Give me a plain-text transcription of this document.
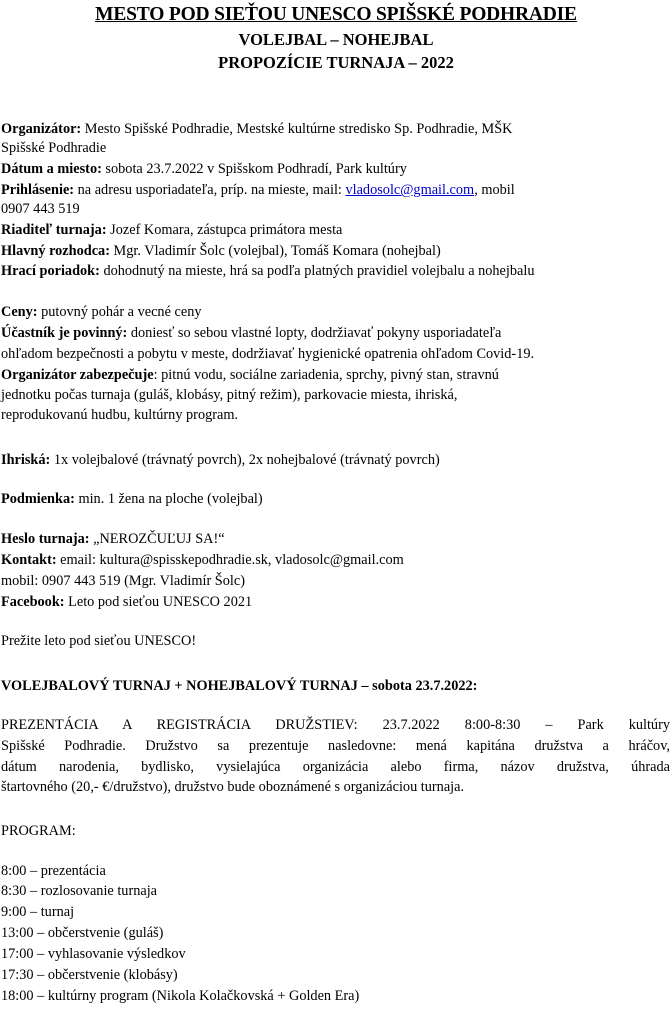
MESTO POD SIEŤOU UNESCO SPIŠSKÉ PODHRADIE

VOLEJBAL – NOHEJBAL

PROPOZÍCIE TURNAJA – 2022

Organizátor: Mesto Spišské Podhradie, Mestské kultúrne stredisko Sp. Podhradie, MŠK

Spišské Podhradie

Dátum a miesto: sobota 23.7.2022 v Spišskom Podhradí, Park kultúry

Prihlásenie: na adresu usporiadateľa, príp. na mieste, mail: vladosolc@gmail.com, mobil

0907 443 519

Riaditeľ turnaja: Jozef Komara, zástupca primátora mesta

Hlavný rozhodca: Mgr. Vladimír Šolc (volejbal), Tomáš Komara (nohejbal)

Hrací poriadok: dohodnutý na mieste, hrá sa podľa platných pravidiel volejbalu a nohejbalu

Ceny: putovný pohár a vecné ceny

Účastník je povinný: doniesť so sebou vlastné lopty, dodržiavať pokyny usporiadateľa

ohľadom bezpečnosti a pobytu v meste, dodržiavať hygienické opatrenia ohľadom Covid-19.

Organizátor zabezpečuje: pitnú vodu, sociálne zariadenia, sprchy, pivný stan, stravnú

jednotku počas turnaja (guláš, klobásy, pitný režim), parkovacie miesta, ihriská,

reprodukovanú hudbu, kultúrny program.

Ihriská: 1x volejbalové (trávnatý povrch), 2x nohejbalové (trávnatý povrch)

Podmienka: min. 1 žena na ploche (volejbal)

Heslo turnaja: „NEROZČUĽUJ SA!“

Kontakt: email: kultura@spisskepodhradie.sk, vladosolc@gmail.com

mobil: 0907 443 519 (Mgr. Vladimír Šolc)

Facebook: Leto pod sieťou UNESCO 2021

Prežite leto pod sieťou UNESCO!

VOLEJBALOVÝ TURNAJ + NOHEJBALOVÝ TURNAJ – sobota 23.7.2022:

PREZENTÁCIA A REGISTRÁCIA DRUŽSTIEV: 23.7.2022 8:00-8:30 – Park kultúry

Spišské Podhradie. Družstvo sa prezentuje nasledovne: mená kapitána družstva a hráčov,

dátum narodenia, bydlisko, vysielajúca organizácia alebo firma, názov družstva, úhrada

štartovného (20,- €/družstvo), družstvo bude oboznámené s organizáciou turnaja.

PROGRAM:

8:00 – prezentácia

8:30 – rozlosovanie turnaja

9:00 – turnaj

13:00 – občerstvenie (guláš)

17:00 – vyhlasovanie výsledkov

17:30 – občerstvenie (klobásy)

18:00 – kultúrny program (Nikola Kolačkovská + Golden Era)
